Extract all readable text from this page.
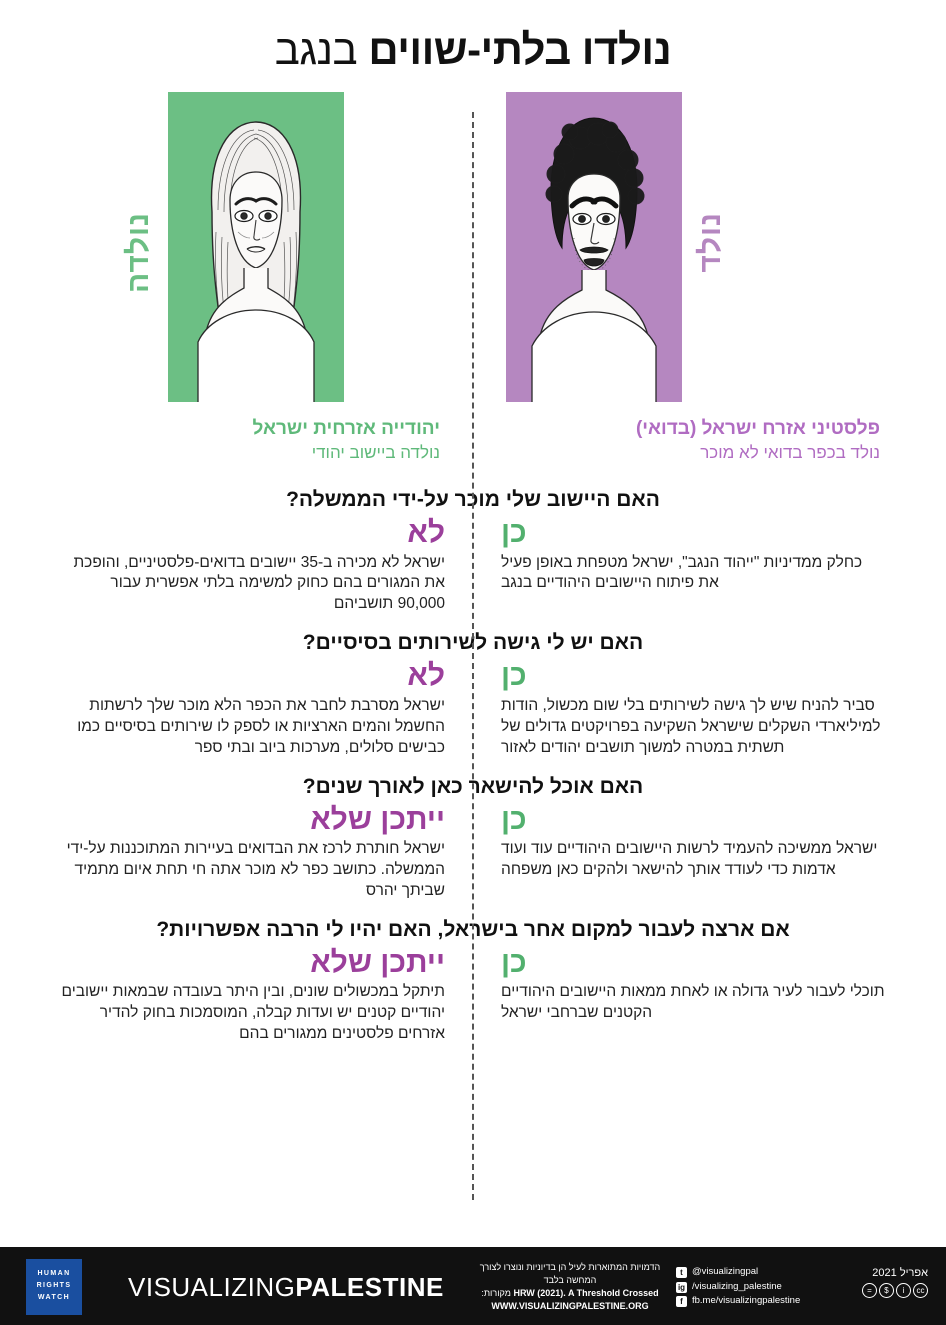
נולדו בלתי-שווים בנגב
נולדה	נולד
יהודייה אזרחית ישראל
נולדה ביישוב יהודי
פלסטיני אזרח ישראל (בדואי)
נולד בכפר בדואי לא מוכר
האם היישוב שלי מוכר על-ידי הממשלה?
כן
כחלק ממדיניות "ייהוד הנגב", ישראל מטפחת באופן פעיל את פיתוח היישובים היהודיים בנגב
לא
ישראל לא מכירה ב-35 יישובים בדואים-פלסטיניים, והופכת את המגורים בהם כחוק למשימה בלתי אפשרית עבור 90,000 תושביהם
האם יש לי גישה לשירותים בסיסיים?
כן
סביר להניח שיש לך גישה לשירותים בלי שום מכשול, הודות למיליארדי השקלים שישראל השקיעה בפרויקטים גדולים של תשתית במטרה למשוך תושבים יהודים לאזור
לא
ישראל מסרבת לחבר את הכפר הלא מוכר שלך לרשתות החשמל והמים הארציות או לספק לו שירותים בסיסיים כמו כבישים סלולים, מערכות ביוב ובתי ספר
האם אוכל להישאר כאן לאורך שנים?
כן
ישראל ממשיכה להעמיד לרשות היישובים היהודיים עוד ועוד אדמות כדי לעודד אותך להישאר ולהקים כאן משפחה
ייתכן שלא
ישראל חותרת לרכז את הבדואים בעיירות המתוכננות על-ידי הממשלה. כתושב כפר לא מוכר אתה חי תחת איום מתמיד שביתך יהרס
אם ארצה לעבור למקום אחר בישראל, האם יהיו לי הרבה אפשרויות?
כן
תוכלי לעבור לעיר גדולה או לאחת ממאות היישובים היהודיים הקטנים שברחבי ישראל
ייתכן שלא
תיתקל במכשולים שונים, ובין היתר בעובדה שבמאות יישובים יהודיים קטנים יש ועדות קבלה, המוסמכות בחוק להדיר אזרחים פלסטינים ממגורים בהם
HUMAN RIGHTS WATCH	VISUALIZINGPALESTINE
הדמויות המתוארות לעיל הן בדיוניות ונוצרו לצורך
המחשה בלבד
HRW (2021). A Threshold Crossed מקורות:
WWW.VISUALIZINGPALESTINE.ORG
t @visualizingpal
ig /visualizing_palestine
f fb.me/visualizingpalestine
אפריל 2021
cc
i
$
=
